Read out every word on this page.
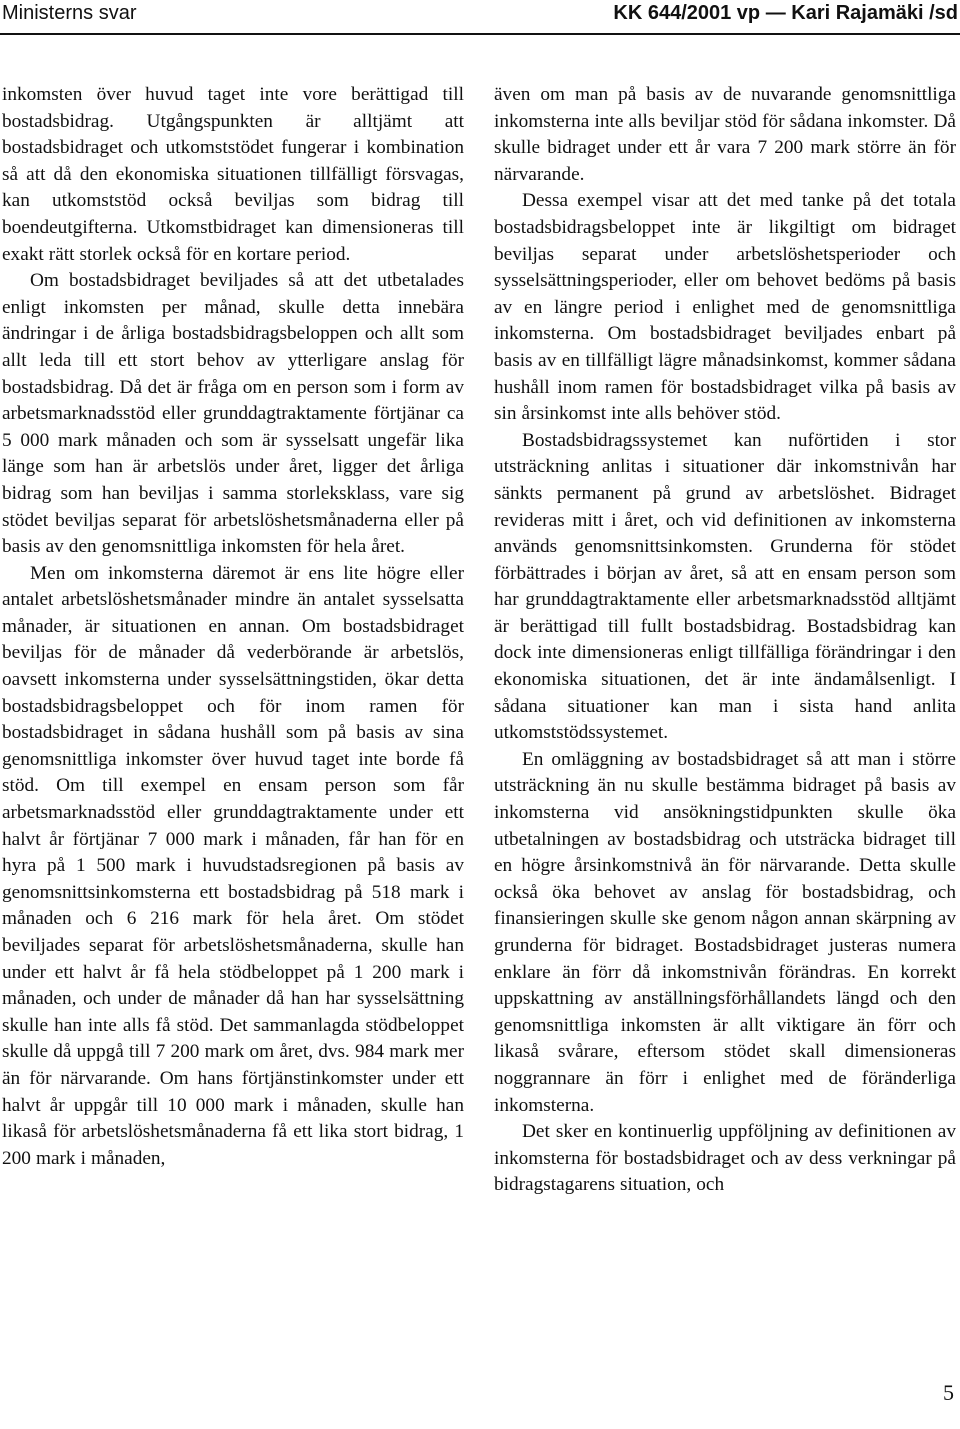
Ministerns svar	KK 644/2001 vp — Kari Rajamäki /sd

inkomsten över huvud taget inte vore berättigad till bostadsbidrag. Utgångspunkten är alltjämt att bostadsbidraget och utkomststödet fungerar i kombination så att då den ekonomiska situationen tillfälligt försvagas, kan utkomststöd också beviljas som bidrag till boendeutgifterna. Utkomstbidraget kan dimensioneras till exakt rätt storlek också för en kortare period.

Om bostadsbidraget beviljades så att det utbetalades enligt inkomsten per månad, skulle detta innebära ändringar i de årliga bostadsbidragsbeloppen och allt som allt leda till ett stort behov av ytterligare anslag för bostadsbidrag. Då det är fråga om en person som i form av arbetsmarknadsstöd eller grunddagtraktamente förtjänar ca 5 000 mark månaden och som är sysselsatt ungefär lika länge som han är arbetslös under året, ligger det årliga bidrag som han beviljas i samma storleksklass, vare sig stödet beviljas separat för arbetslöshetsmånaderna eller på basis av den genomsnittliga inkomsten för hela året.

Men om inkomsterna däremot är ens lite högre eller antalet arbetslöshetsmånader mindre än antalet sysselsatta månader, är situationen en annan. Om bostadsbidraget beviljas för de månader då vederbörande är arbetslös, oavsett inkomsterna under sysselsättningstiden, ökar detta bostadsbidragsbeloppet och för inom ramen för bostadsbidraget in sådana hushåll som på basis av sina genomsnittliga inkomster över huvud taget inte borde få stöd. Om till exempel en ensam person som får arbetsmarknadsstöd eller grunddagtraktamente under ett halvt år förtjänar 7 000 mark i månaden, får han för en hyra på 1 500 mark i huvudstadsregionen på basis av genomsnittsinkomsterna ett bostadsbidrag på 518 mark i månaden och 6 216 mark för hela året. Om stödet beviljades separat för arbetslöshetsmånaderna, skulle han under ett halvt år få hela stödbeloppet på 1 200 mark i månaden, och under de månader då han har sysselsättning skulle han inte alls få stöd. Det sammanlagda stödbeloppet skulle då uppgå till 7 200 mark om året, dvs. 984 mark mer än för närvarande. Om hans förtjänstinkomster under ett halvt år uppgår till 10 000 mark i månaden, skulle han likaså för arbetslöshetsmånaderna få ett lika stort bidrag, 1 200 mark i månaden,

även om man på basis av de nuvarande genomsnittliga inkomsterna inte alls beviljar stöd för sådana inkomster. Då skulle bidraget under ett år vara 7 200 mark större än för närvarande.

Dessa exempel visar att det med tanke på det totala bostadsbidragsbeloppet inte är likgiltigt om bidraget beviljas separat under arbetslöshetsperioder och sysselsättningsperioder, eller om behovet bedöms på basis av en längre period i enlighet med de genomsnittliga inkomsterna. Om bostadsbidraget beviljades enbart på basis av en tillfälligt lägre månadsinkomst, kommer sådana hushåll inom ramen för bostadsbidraget vilka på basis av sin årsinkomst inte alls behöver stöd.

Bostadsbidragssystemet kan nuförtiden i stor utsträckning anlitas i situationer där inkomstnivån har sänkts permanent på grund av arbetslöshet. Bidraget revideras mitt i året, och vid definitionen av inkomsterna används genomsnittsinkomsten. Grunderna för stödet förbättrades i början av året, så att en ensam person som har grunddagtraktamente eller arbetsmarknadsstöd alltjämt är berättigad till fullt bostadsbidrag. Bostadsbidrag kan dock inte dimensioneras enligt tillfälliga förändringar i den ekonomiska situationen, det är inte ändamålsenligt. I sådana situationer kan man i sista hand anlita utkomststödssystemet.

En omläggning av bostadsbidraget så att man i större utsträckning än nu skulle bestämma bidraget på basis av inkomsterna vid ansökningstidpunkten skulle öka utbetalningen av bostadsbidrag och utsträcka bidraget till en högre årsinkomstnivå än för närvarande. Detta skulle också öka behovet av anslag för bostadsbidrag, och finansieringen skulle ske genom någon annan skärpning av grunderna för bidraget. Bostadsbidraget justeras numera enklare än förr då inkomstnivån förändras. En korrekt uppskattning av anställningsförhållandets längd och den genomsnittliga inkomsten är allt viktigare än förr och likaså svårare, eftersom stödet skall dimensioneras noggrannare än förr i enlighet med de föränderliga inkomsterna.

Det sker en kontinuerlig uppföljning av definitionen av inkomsterna för bostadsbidraget och av dess verkningar på bidragstagarens situation, och

5
